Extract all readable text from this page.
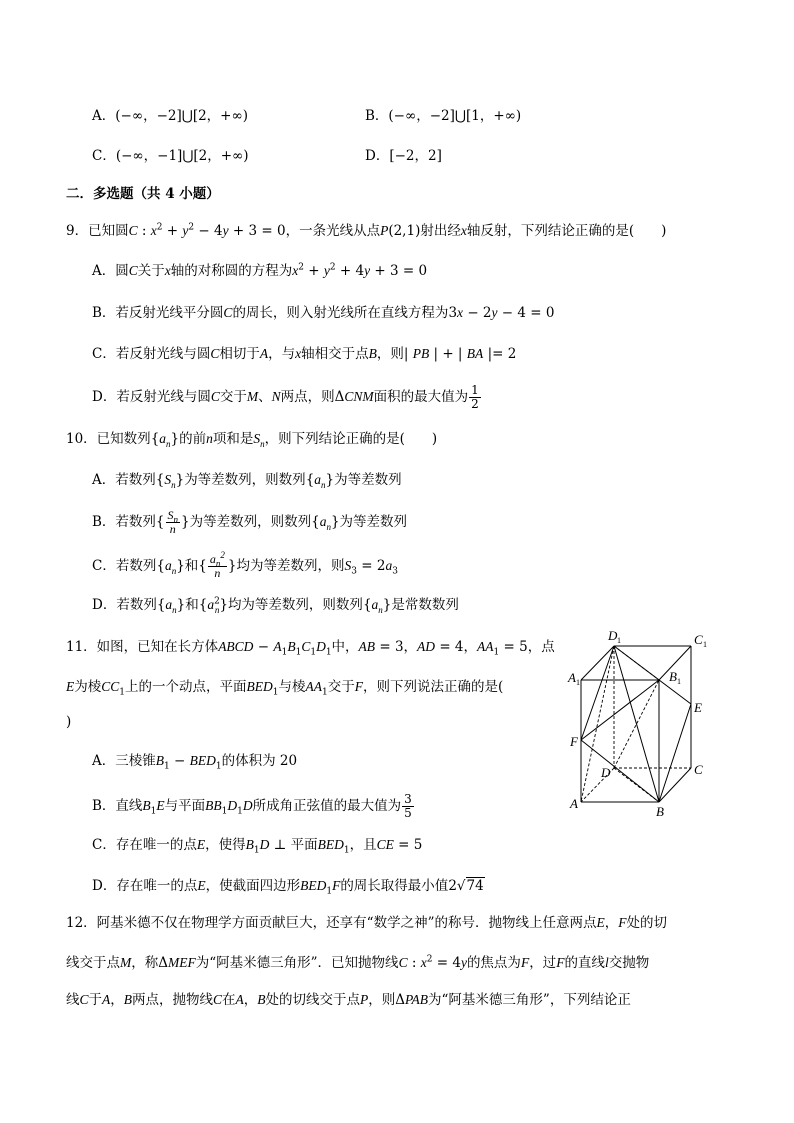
A．(−∞，−2]⋃[2，+∞)	B．(−∞，−2]⋃[1，+∞)
C．(−∞，−1]⋃[2，+∞)	D．[−2，2]
二．多选题（共 4 小题）
9．已知圆C : $x^2 + y^2 - 4y + 3 = 0$，一条光线从点P(2,1)射出经x轴反射，下列结论正确的是(　　)
A．圆C关于x轴的对称圆的方程为$x^2 + y^2 + 4y + 3 = 0$
B．若反射光线平分圆C的周长，则入射光线所在直线方程为3x − 2y − 4 = 0
C．若反射光线与圆C相切于A，与x轴相交于点B，则| PB | + | BA |= 2
D．若反射光线与圆C交于M、N两点，则ΔCNM面积的最大值为 $\frac{1}{2}$
10．已知数列$\{a_n\}$的前n项和是$S_n$，则下列结论正确的是(　　)
A．若数列$\{S_n\}$为等差数列，则数列$\{a_n\}$为等差数列
B．若数列{ $\frac{S_n}{n}$ }为等差数列，则数列$\{a_n\}$为等差数列
C．若数列$\{a_n\}$和{ $\frac{a_n^2}{n}$ }均为等差数列，则$S_3 = 2a_3$
D．若数列$\{a_n\}$和$\{a^2_n\}$均为等差数列，则数列$\{a_n\}$是常数数列
11．如图，已知在长方体ABCD − $A_1B_1C_1D_1$中，AB = 3，AD = 4，$AA_1 = 5$，点
E为棱$CC_1$上的一个动点，平面$BED_1$与棱$AA_1$交于F，则下列说法正确的是(
)
A．三棱锥$B_1 - BED_1$的体积为 20
B．直线$B_1E$与平面$BB_1D_1D$所成角正弦值的最大值为 $\frac{3}{5}$
C．存在唯一的点E，使得$B_1D$ ⊥ 平面$BED_1$，且CE = 5
D．存在唯一的点E，使截面四边形$BED_1F$的周长取得最小值2√74
12．阿基米德不仅在物理学方面贡献巨大，还享有“数学之神”的称号．抛物线上任意两点E，F处的切
线交于点M，称ΔMEF为“阿基米德三角形”．已知抛物线C : $x^2 = 4y$的焦点为F，过F的直线l交抛物
线C于A，B两点，抛物线C在A，B处的切线交于点P，则ΔPAB为“阿基米德三角形”，下列结论正
D 1	C 1
A 1	B 1
E
F
D	C
A
B
